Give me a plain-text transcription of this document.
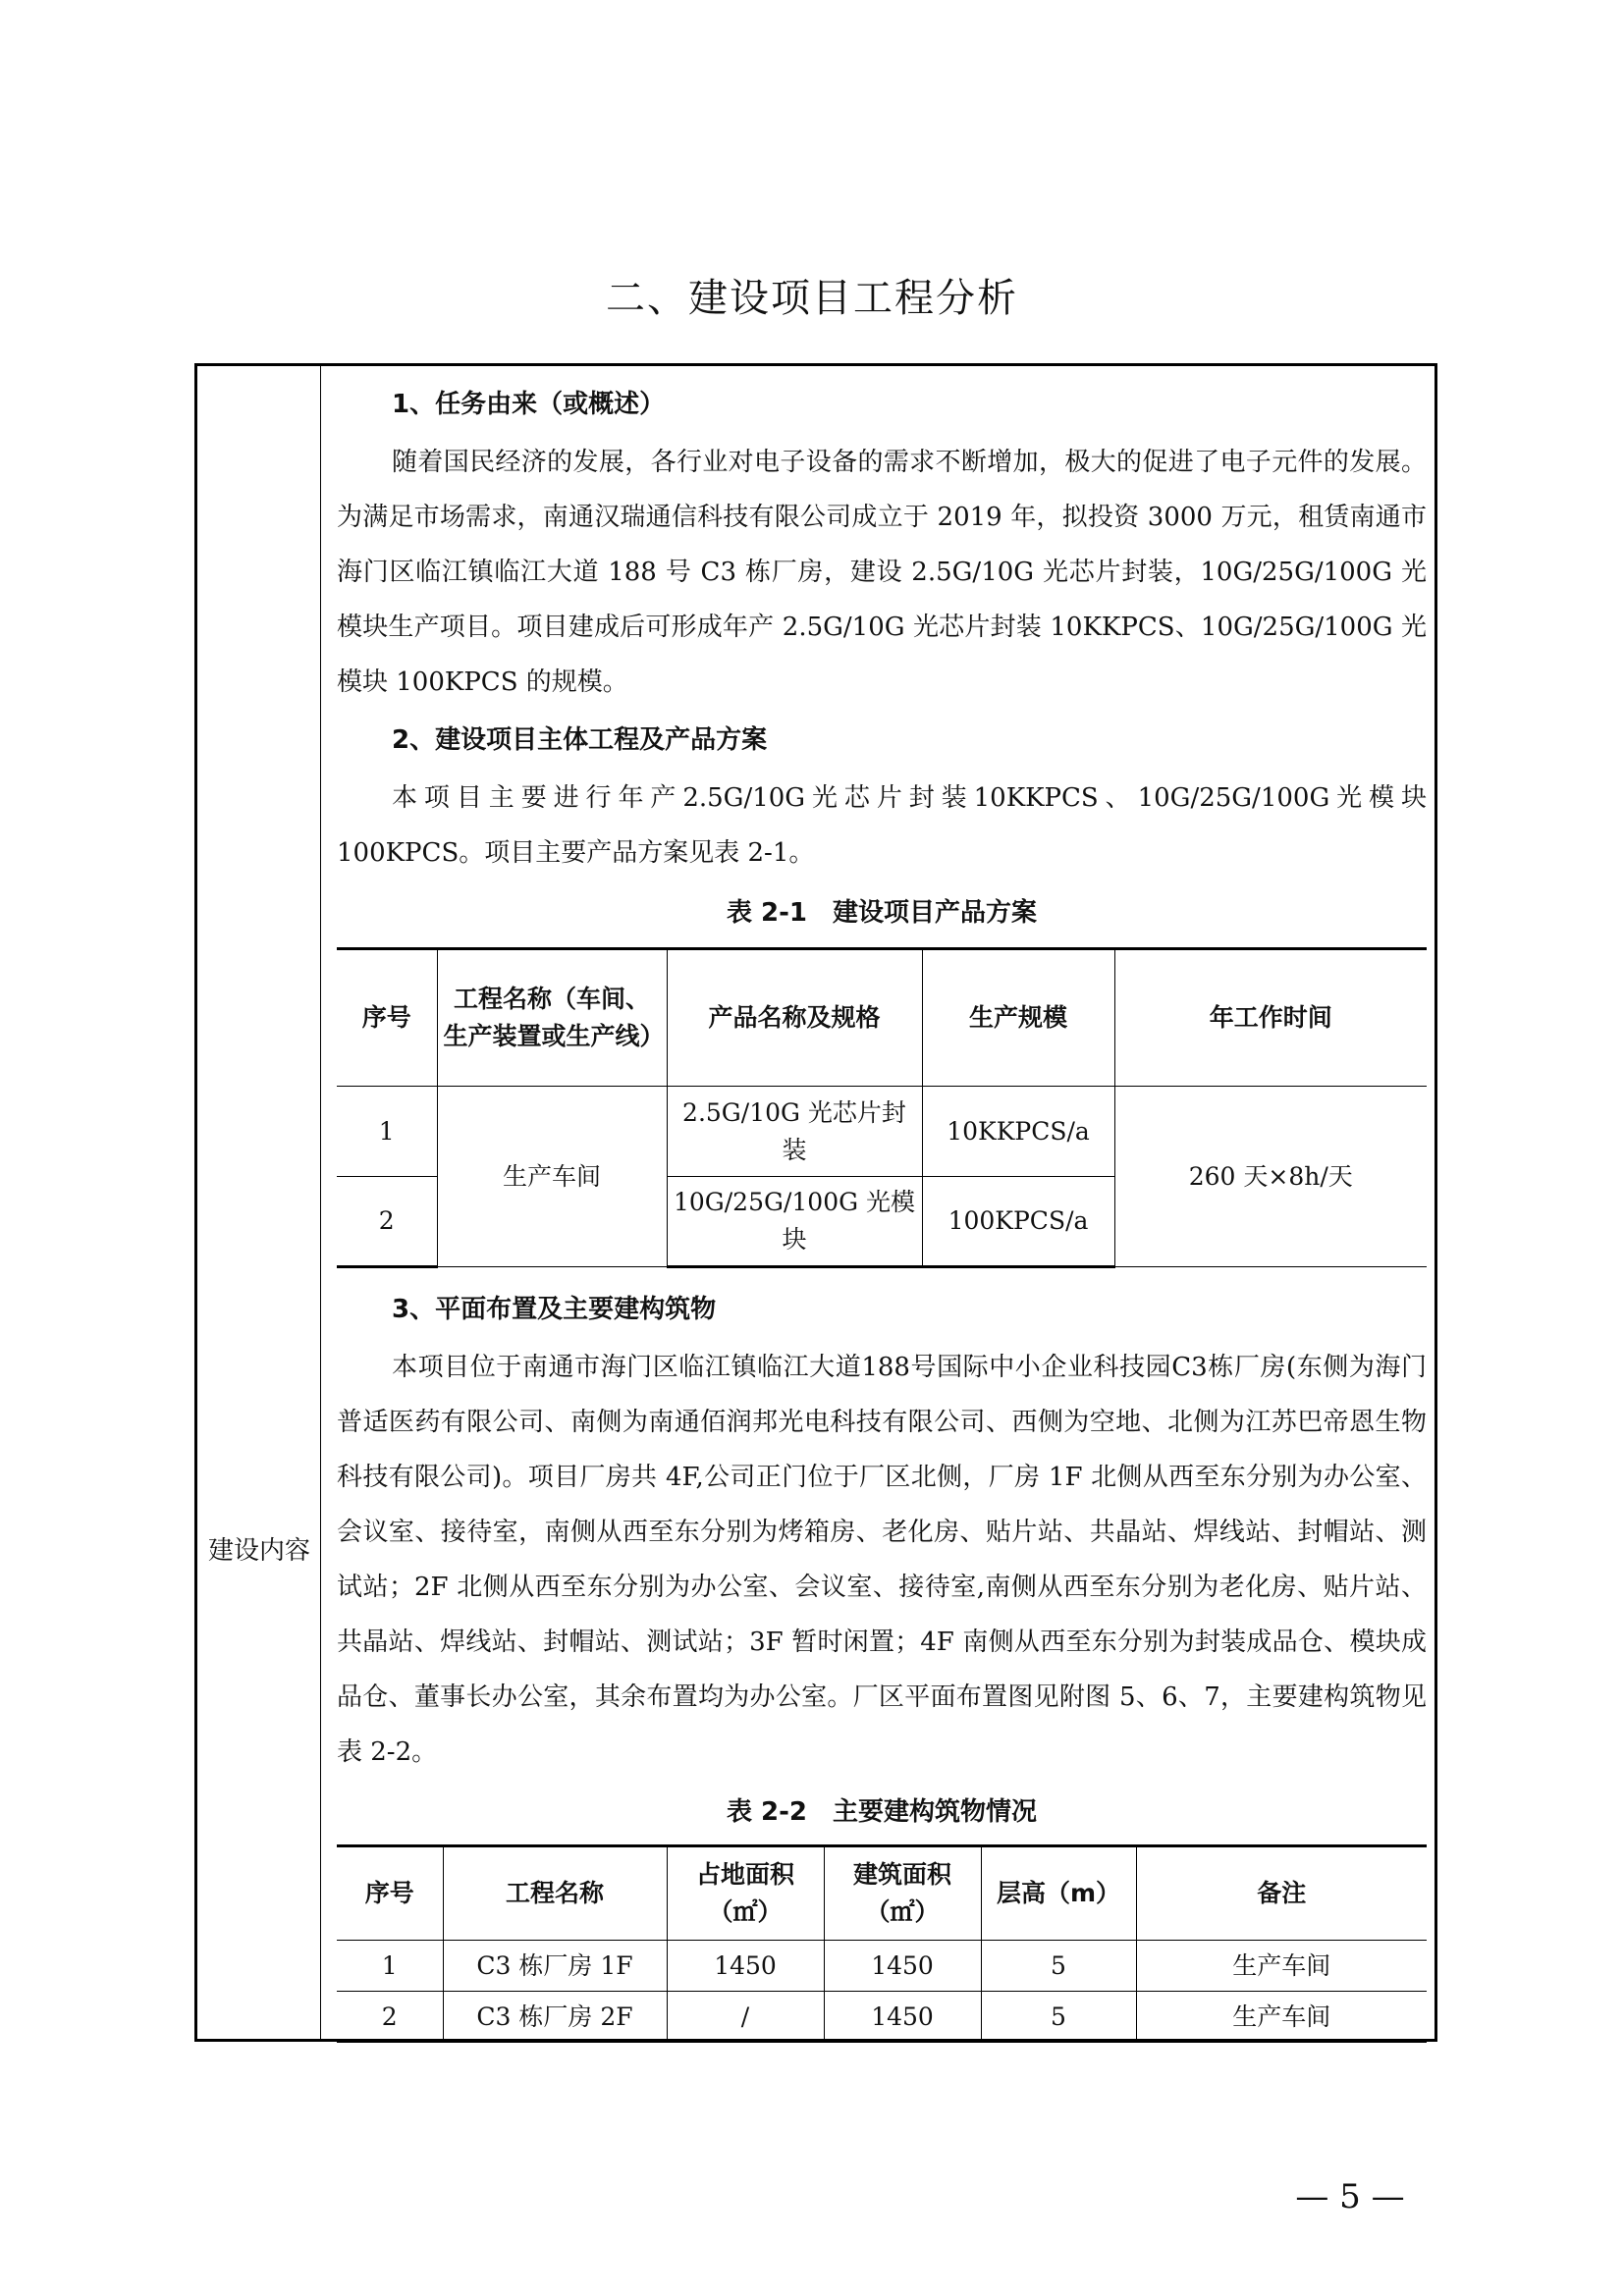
二、建设项目工程分析
建设内容
1、任务由来（或概述）

随着国民经济的发展，各行业对电子设备的需求不断增加，极大的促进了电子元件的发展。为满足市场需求，南通汉瑞通信科技有限公司成立于 2019 年，拟投资 3000 万元，租赁南通市海门区临江镇临江大道 188 号 C3 栋厂房，建设 2.5G/10G 光芯片封装，10G/25G/100G 光模块生产项目。项目建成后可形成年产 2.5G/10G 光芯片封装 10KKPCS、10G/25G/100G 光模块 100KPCS 的规模。

2、建设项目主体工程及产品方案

本项目主要进行年产2.5G/10G光芯片封装10KKPCS、10G/25G/100G光模块100KPCS。项目主要产品方案见表 2-1。

表 2-1　建设项目产品方案
序号	工程名称（车间、生产装置或生产线）	产品名称及规格	生产规模	年工作时间
1	生产车间	2.5G/10G 光芯片封装	10KKPCS/a	260 天×8h/天
2		10G/25G/100G 光模块	100KPCS/a	
3、平面布置及主要建构筑物

本项目位于南通市海门区临江镇临江大道188号国际中小企业科技园C3栋厂房(东侧为海门普适医药有限公司、南侧为南通佰润邦光电科技有限公司、西侧为空地、北侧为江苏巴帝恩生物科技有限公司)。项目厂房共 4F,公司正门位于厂区北侧，厂房 1F 北侧从西至东分别为办公室、会议室、接待室，南侧从西至东分别为烤箱房、老化房、贴片站、共晶站、焊线站、封帽站、测试站；2F 北侧从西至东分别为办公室、会议室、接待室,南侧从西至东分别为老化房、贴片站、共晶站、焊线站、封帽站、测试站；3F 暂时闲置；4F 南侧从西至东分别为封装成品仓、模块成品仓、董事长办公室，其余布置均为办公室。厂区平面布置图见附图 5、6、7，主要建构筑物见表 2-2。

表 2-2　主要建构筑物情况
序号	工程名称	占地面积（㎡）	建筑面积（㎡）	层高（m）	备注
1	C3 栋厂房 1F	1450	1450	5	生产车间
2	C3 栋厂房 2F	/	1450	5	生产车间
— 5 —
